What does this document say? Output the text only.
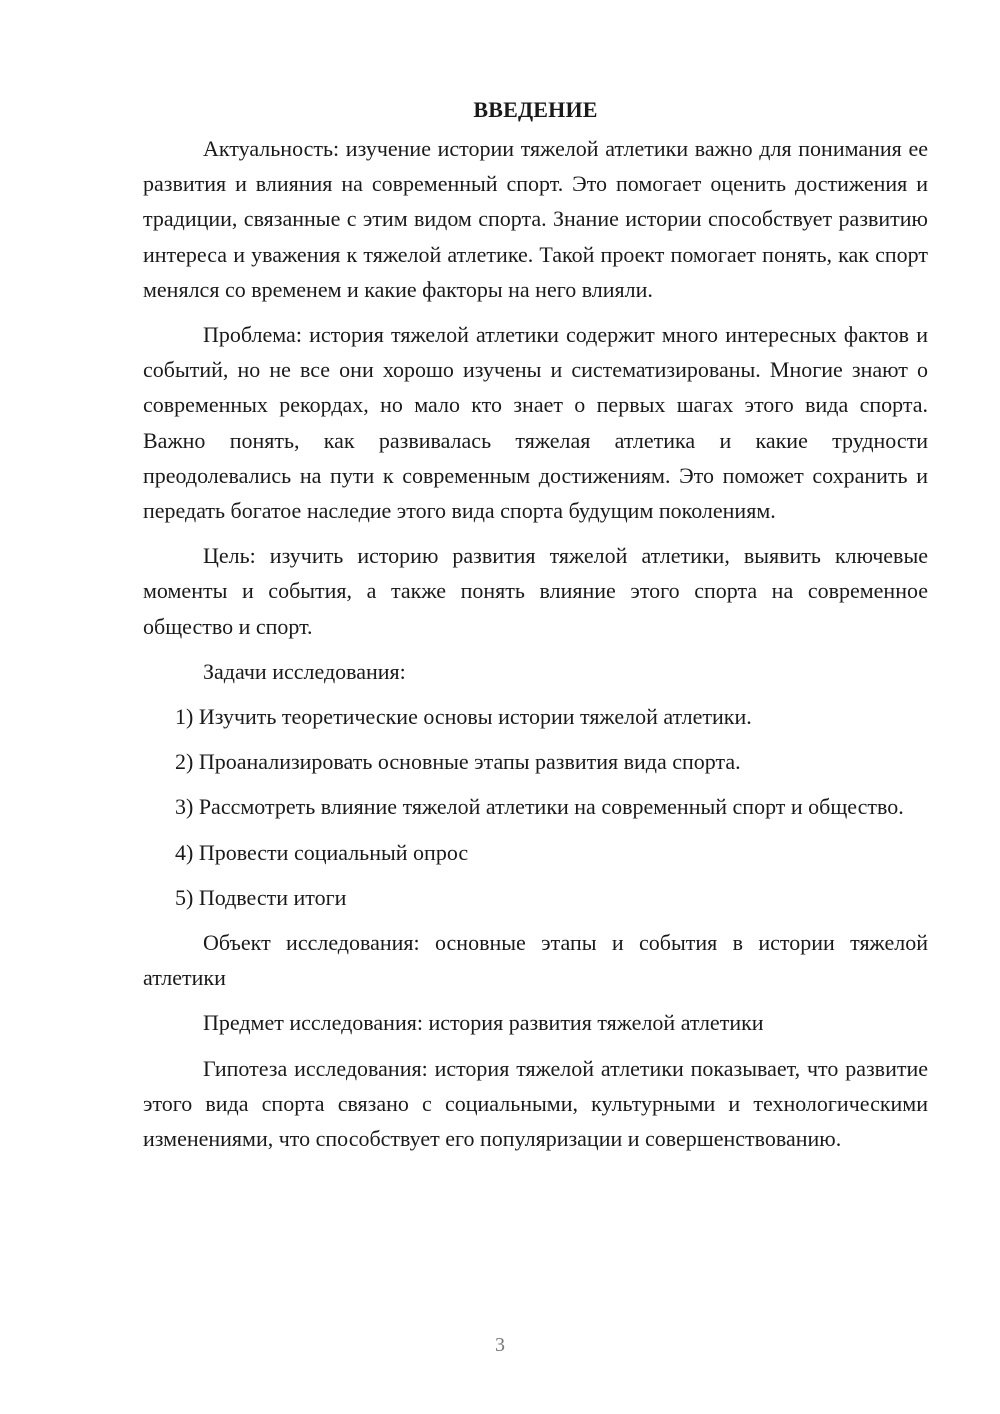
ВВЕДЕНИЕ

Актуальность: изучение истории тяжелой атлетики важно для понимания ее развития и влияния на современный спорт. Это помогает оценить достижения и традиции, связанные с этим видом спорта. Знание истории способствует развитию интереса и уважения к тяжелой атлетике. Такой проект помогает понять, как спорт менялся со временем и какие факторы на него влияли.

Проблема: история тяжелой атлетики содержит много интересных фактов и событий, но не все они хорошо изучены и систематизированы. Многие знают о современных рекордах, но мало кто знает о первых шагах этого вида спорта. Важно понять, как развивалась тяжелая атлетика и какие трудности преодолевались на пути к современным достижениям. Это поможет сохранить и передать богатое наследие этого вида спорта будущим поколениям.

Цель: изучить историю развития тяжелой атлетики, выявить ключевые моменты и события, а также понять влияние этого спорта на современное общество и спорт.

Задачи исследования:

1) Изучить теоретические основы истории тяжелой атлетики.

2) Проанализировать основные этапы развития вида спорта.

3) Рассмотреть влияние тяжелой атлетики на современный спорт и общество.

4) Провести социальный опрос

5) Подвести итоги

Объект исследования: основные этапы и события в истории тяжелой атлетики

Предмет исследования: история развития тяжелой атлетики

Гипотеза исследования: история тяжелой атлетики показывает, что развитие этого вида спорта связано с социальными, культурными и технологическими изменениями, что способствует его популяризации и совершенствованию.

3
